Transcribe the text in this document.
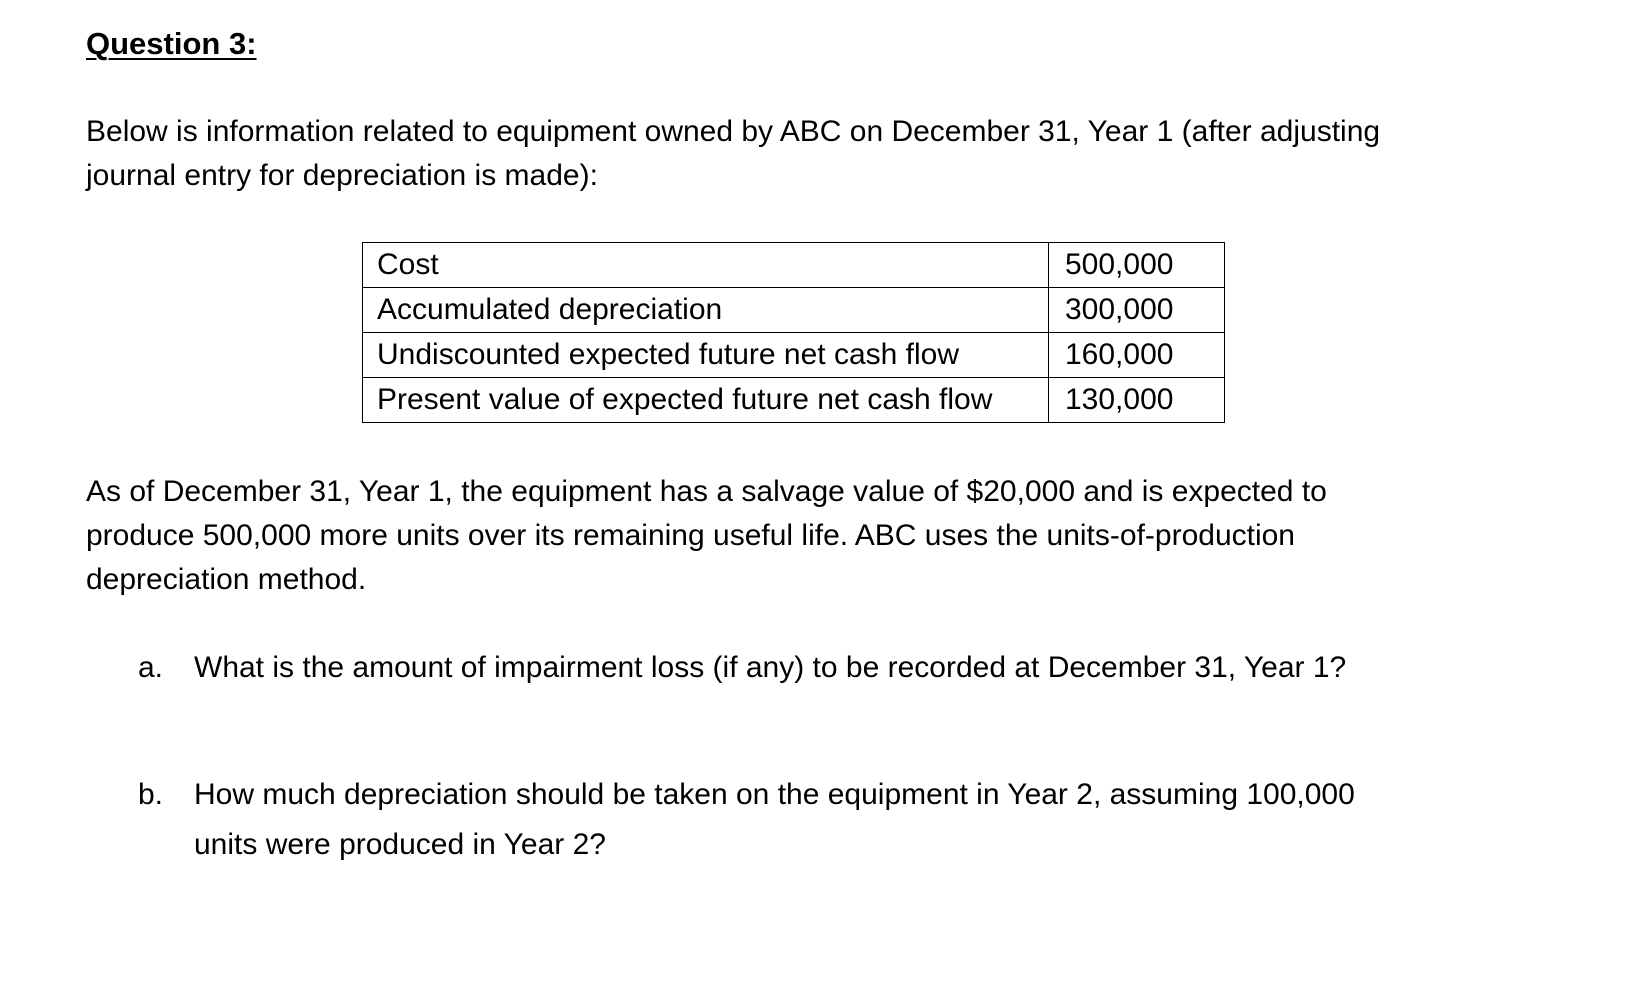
Question 3:
Below is information related to equipment owned by ABC on December 31, Year 1 (after adjusting
journal entry for depreciation is made):
Cost	500,000
Accumulated depreciation	300,000
Undiscounted expected future net cash flow	160,000
Present value of expected future net cash flow	130,000
As of December 31, Year 1, the equipment has a salvage value of $20,000 and is expected to
produce 500,000 more units over its remaining useful life. ABC uses the units-of-production
depreciation method.
a.	What is the amount of impairment loss (if any) to be recorded at December 31, Year 1?
b.	How much depreciation should be taken on the equipment in Year 2, assuming 100,000
units were produced in Year 2?
